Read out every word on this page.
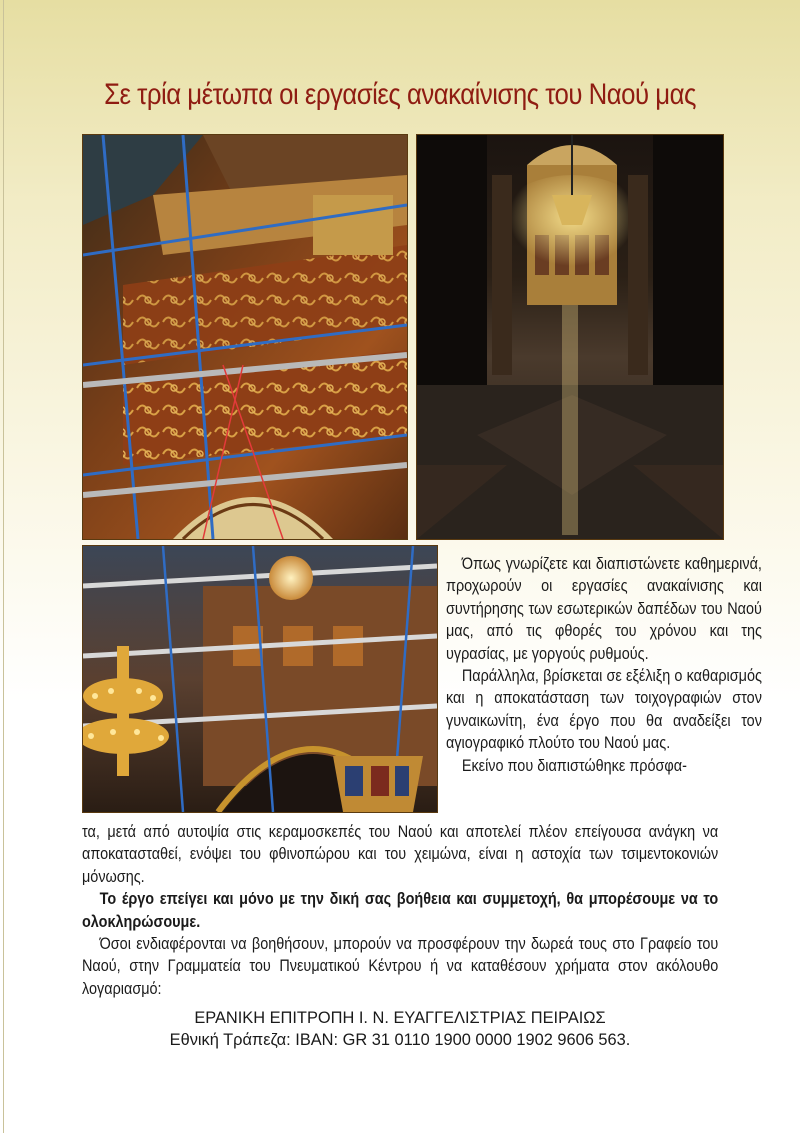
Σε τρία μέτωπα οι εργασίες ανακαίνισης του Ναού μας

Όπως γνωρίζετε και διαπιστώνετε καθημερινά, προχωρούν οι εργασίες ανακαίνισης και συντήρησης των εσωτερικών δαπέδων του Ναού μας, από τις φθορές του χρόνου και της υγρασίας, με γοργούς ρυθμούς.

Παράλληλα, βρίσκεται σε εξέλιξη ο καθαρισμός και η αποκατάσταση των τοιχογραφιών στον γυναικωνίτη, ένα έργο που θα αναδείξει τον αγιογραφικό πλούτο του Ναού μας.

Εκείνο που διαπιστώθηκε πρόσφα-

τα, μετά από αυτοψία στις κεραμοσκεπές του Ναού και αποτελεί πλέον επείγουσα ανάγκη να αποκατασταθεί, ενόψει του φθινοπώρου και του χειμώνα, είναι η αστοχία των τσιμεντοκονιών μόνωσης.

Το έργο επείγει και μόνο με την δική σας βοήθεια και συμμετοχή, θα μπορέσουμε να το ολοκληρώσουμε.

Όσοι ενδιαφέρονται να βοηθήσουν, μπορούν να προσφέρουν την δωρεά τους στο Γραφείο του Ναού, στην Γραμματεία του Πνευματικού Κέντρου ή να καταθέσουν χρήματα στον ακόλουθο λογαριασμό:

ΕΡΑΝΙΚΗ ΕΠΙΤΡΟΠΗ Ι. Ν. ΕΥΑΓΓΕΛΙΣΤΡΙΑΣ ΠΕΙΡΑΙΩΣ
Εθνική Τράπεζα: IBAN: GR 31 0110 1900 0000 1902 9606 563.
